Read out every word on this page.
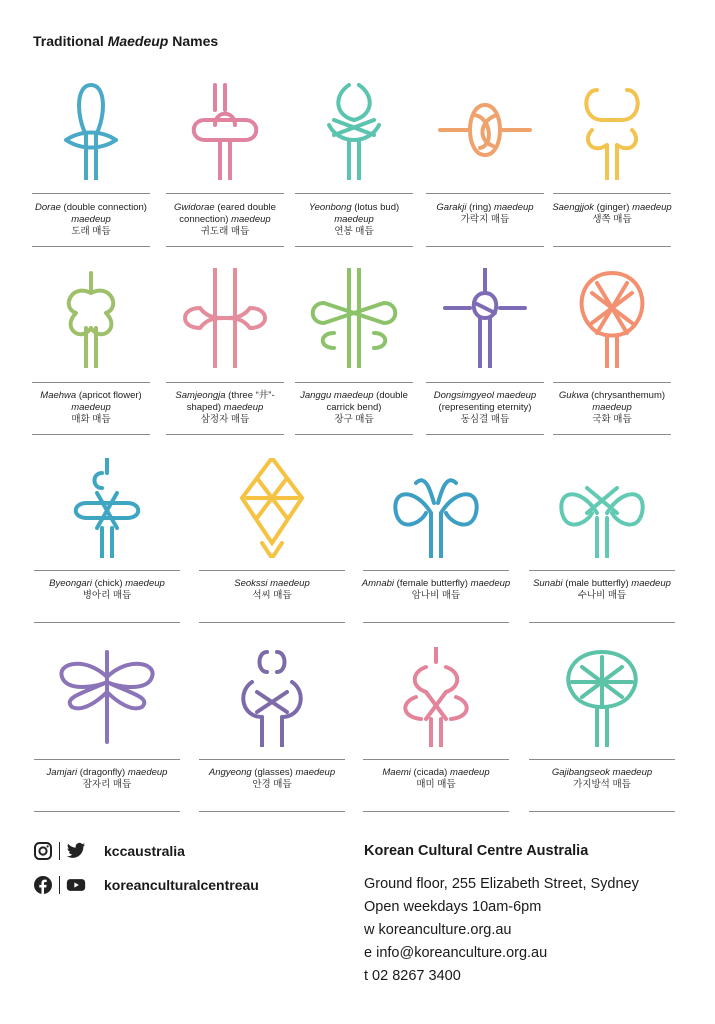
Traditional Maedeup Names
Dorae (double connection) maedeup
도래 매듭
Gwidorae (eared double connection) maedeup
귀도래 매듭
Yeonbong (lotus bud) maedeup
연봉 매듭
Garakji (ring) maedeup
가락지 매듭
Saengjjok (ginger) maedeup
생쪽 매듭
Maehwa (apricot flower) maedeup
매화 매듭
Samjeongja (three “井”-shaped) maedeup
삼정자 매듭
Janggu maedeup (double carrick bend)
장구 매듭
Dongsimgyeol maedeup (representing eternity)
동심결 매듭
Gukwa (chrysanthemum) maedeup
국화 매듭
Byeongari (chick) maedeup
병아리 매듭
Seokssi maedeup
석씨 매듭
Amnabi (female butterfly) maedeup
암나비 매듭
Sunabi (male butterfly) maedeup
수나비 매듭
Jamjari (dragonfly) maedeup
잠자리 매듭
Angyeong (glasses) maedeup
안경 매듭
Maemi (cicada) maedeup
매미 매듭
Gajibangseok maedeup
가지방석 매듭
kccaustralia
koreanculturalcentreau
Korean Cultural Centre Australia
Ground floor, 255 Elizabeth Street, Sydney
Open weekdays 10am-6pm
w koreanculture.org.au
e info@koreanculture.org.au
t 02 8267 3400
